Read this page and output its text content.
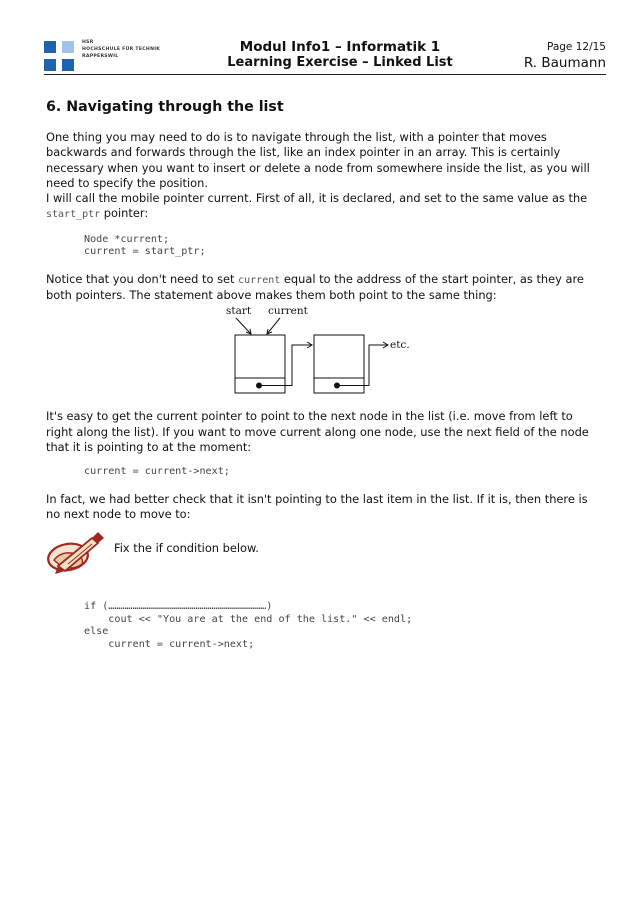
HSR
HOCHSCHULE FÜR TECHNIK
RAPPERSWIL
Modul Info1 – Informatik 1
Learning Exercise – Linked List
Page 12/15
R. Baumann
6. Navigating through the list

One thing you may need to do is to navigate through the list, with a pointer that moves backwards and forwards through the list, like an index pointer in an array. This is certainly necessary when you want to insert or delete a node from somewhere inside the list, as you will need to specify the position.

I will call the mobile pointer current. First of all, it is declared, and set to the same value as the start_ptr pointer:

Node *current;
current = start_ptr;

Notice that you don't need to set current equal to the address of the start pointer, as they are both pointers. The statement above makes them both point to the same thing:

start current
etc.

It's easy to get the current pointer to point to the next node in the list (i.e. move from left to right along the list). If you want to move current along one node, use the next field of the node that it is pointing to at the moment:

current = current->next;

In fact, we had better check that it isn't pointing to the last item in the list. If it is, then there is no next node to move to:

Fix the if condition below.
if (……………………………………………………………………)
cout << "You are at the end of the list." << endl;
else
current = current->next;
